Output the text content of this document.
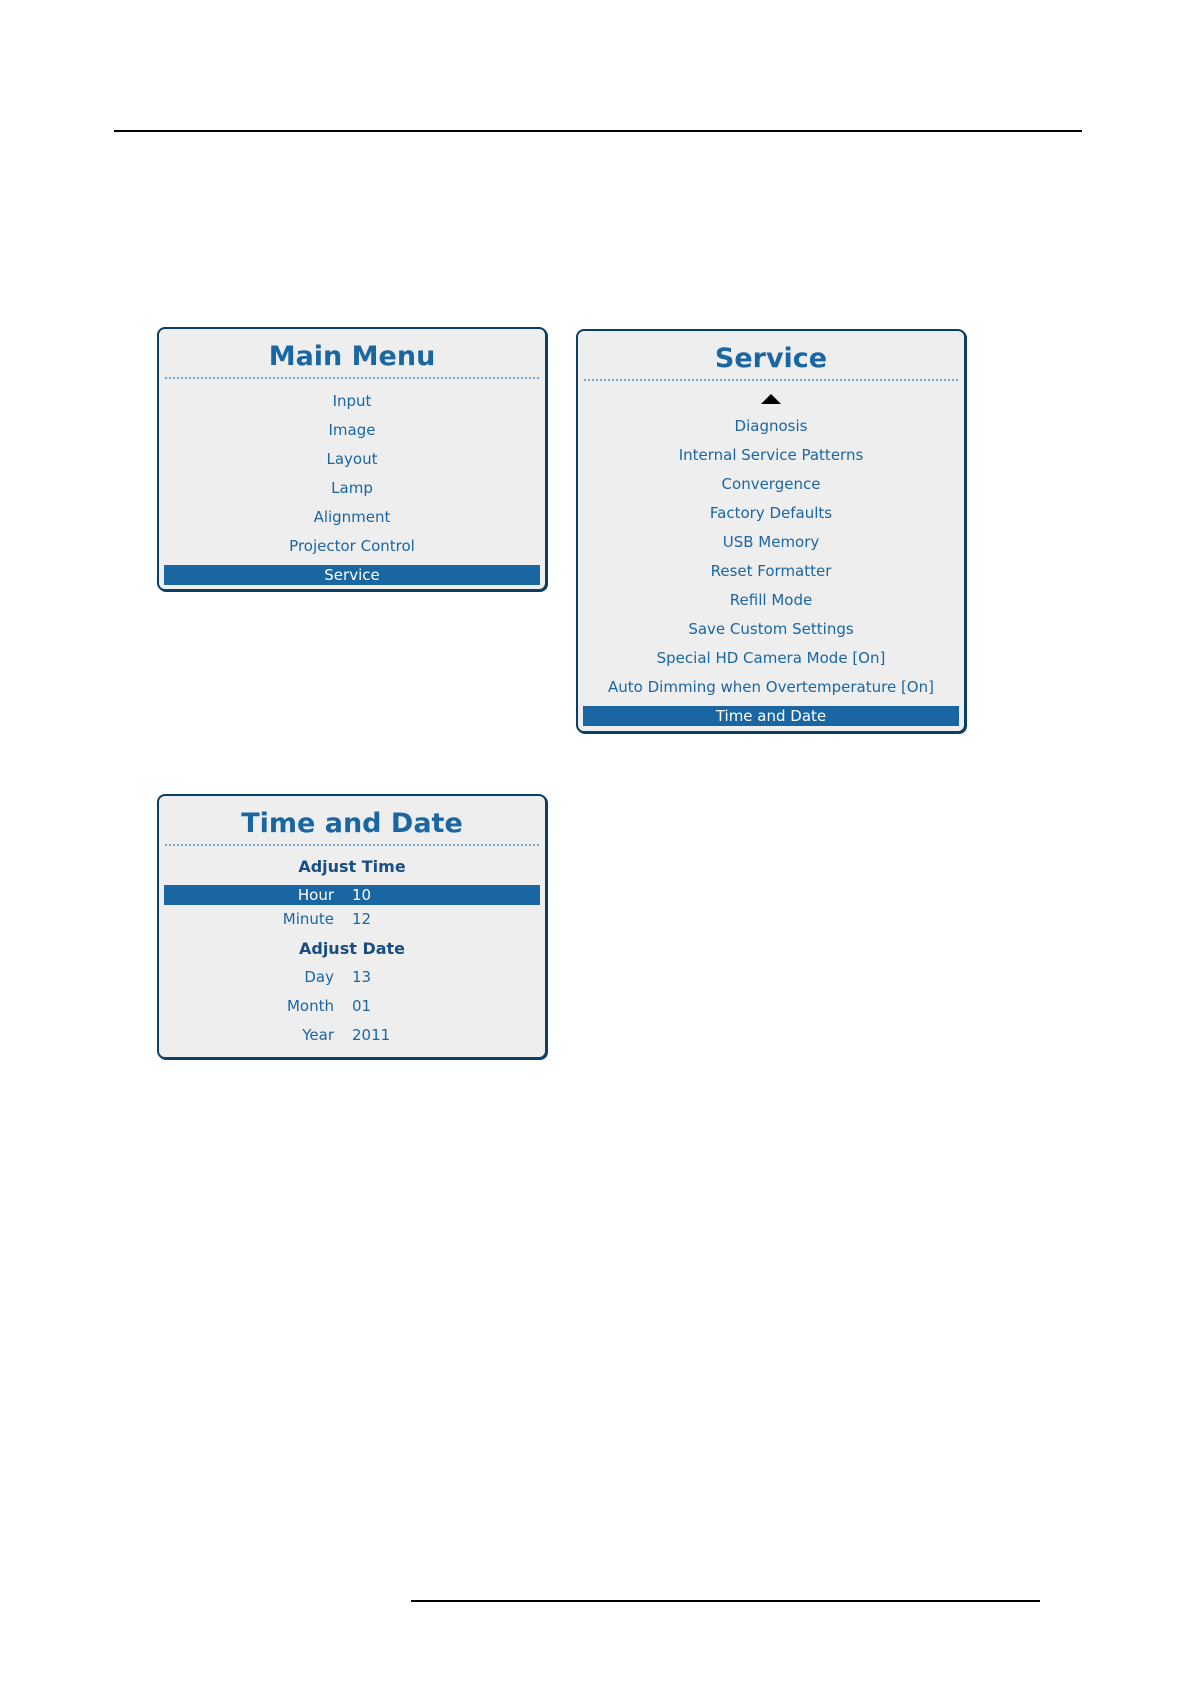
Main Menu
Input
Image
Layout
Lamp
Alignment
Projector Control
Service
Service
Diagnosis
Internal Service Patterns
Convergence
Factory Defaults
USB Memory
Reset Formatter
Refill Mode
Save Custom Settings
Special HD Camera Mode [On]
Auto Dimming when Overtemperature [On]
Time and Date
Time and Date
Adjust Time
Hour	10
Minute	12
Adjust Date
Day	13
Month	01
Year	2011
